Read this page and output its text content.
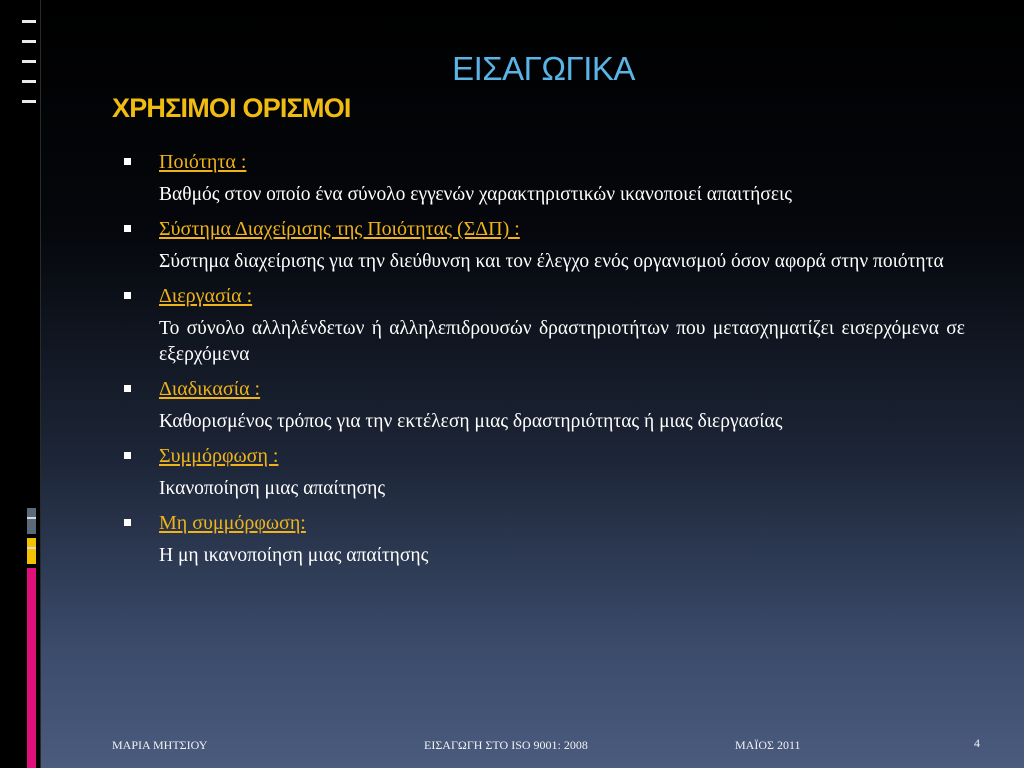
ΕΙΣΑΓΩΓΙΚΑ
ΧΡΗΣΙΜΟΙ ΟΡΙΣΜΟΙ
Ποιότητα :
Βαθμός στον οποίο ένα σύνολο εγγενών χαρακτηριστικών ικανοποιεί απαιτήσεις
Σύστημα Διαχείρισης της Ποιότητας (ΣΔΠ) :
Σύστημα διαχείρισης για την διεύθυνση και τον έλεγχο ενός οργανισμού όσον αφορά στην ποιότητα
Διεργασία :
Το σύνολο αλληλένδετων ή αλληλεπιδρουσών δραστηριοτήτων που μετασχηματίζει εισερχόμενα σε εξερχόμενα
Διαδικασία :
Καθορισμένος τρόπος για την εκτέλεση μιας δραστηριότητας ή μιας διεργασίας
Συμμόρφωση :
Ικανοποίηση μιας απαίτησης
Μη συμμόρφωση:
Η μη ικανοποίηση μιας απαίτησης
ΜΑΡΙΑ ΜΗΤΣΙΟΥ	ΕΙΣΑΓΩΓΗ ΣΤΟ ISO 9001: 2008	ΜΑΪΟΣ 2011	4
